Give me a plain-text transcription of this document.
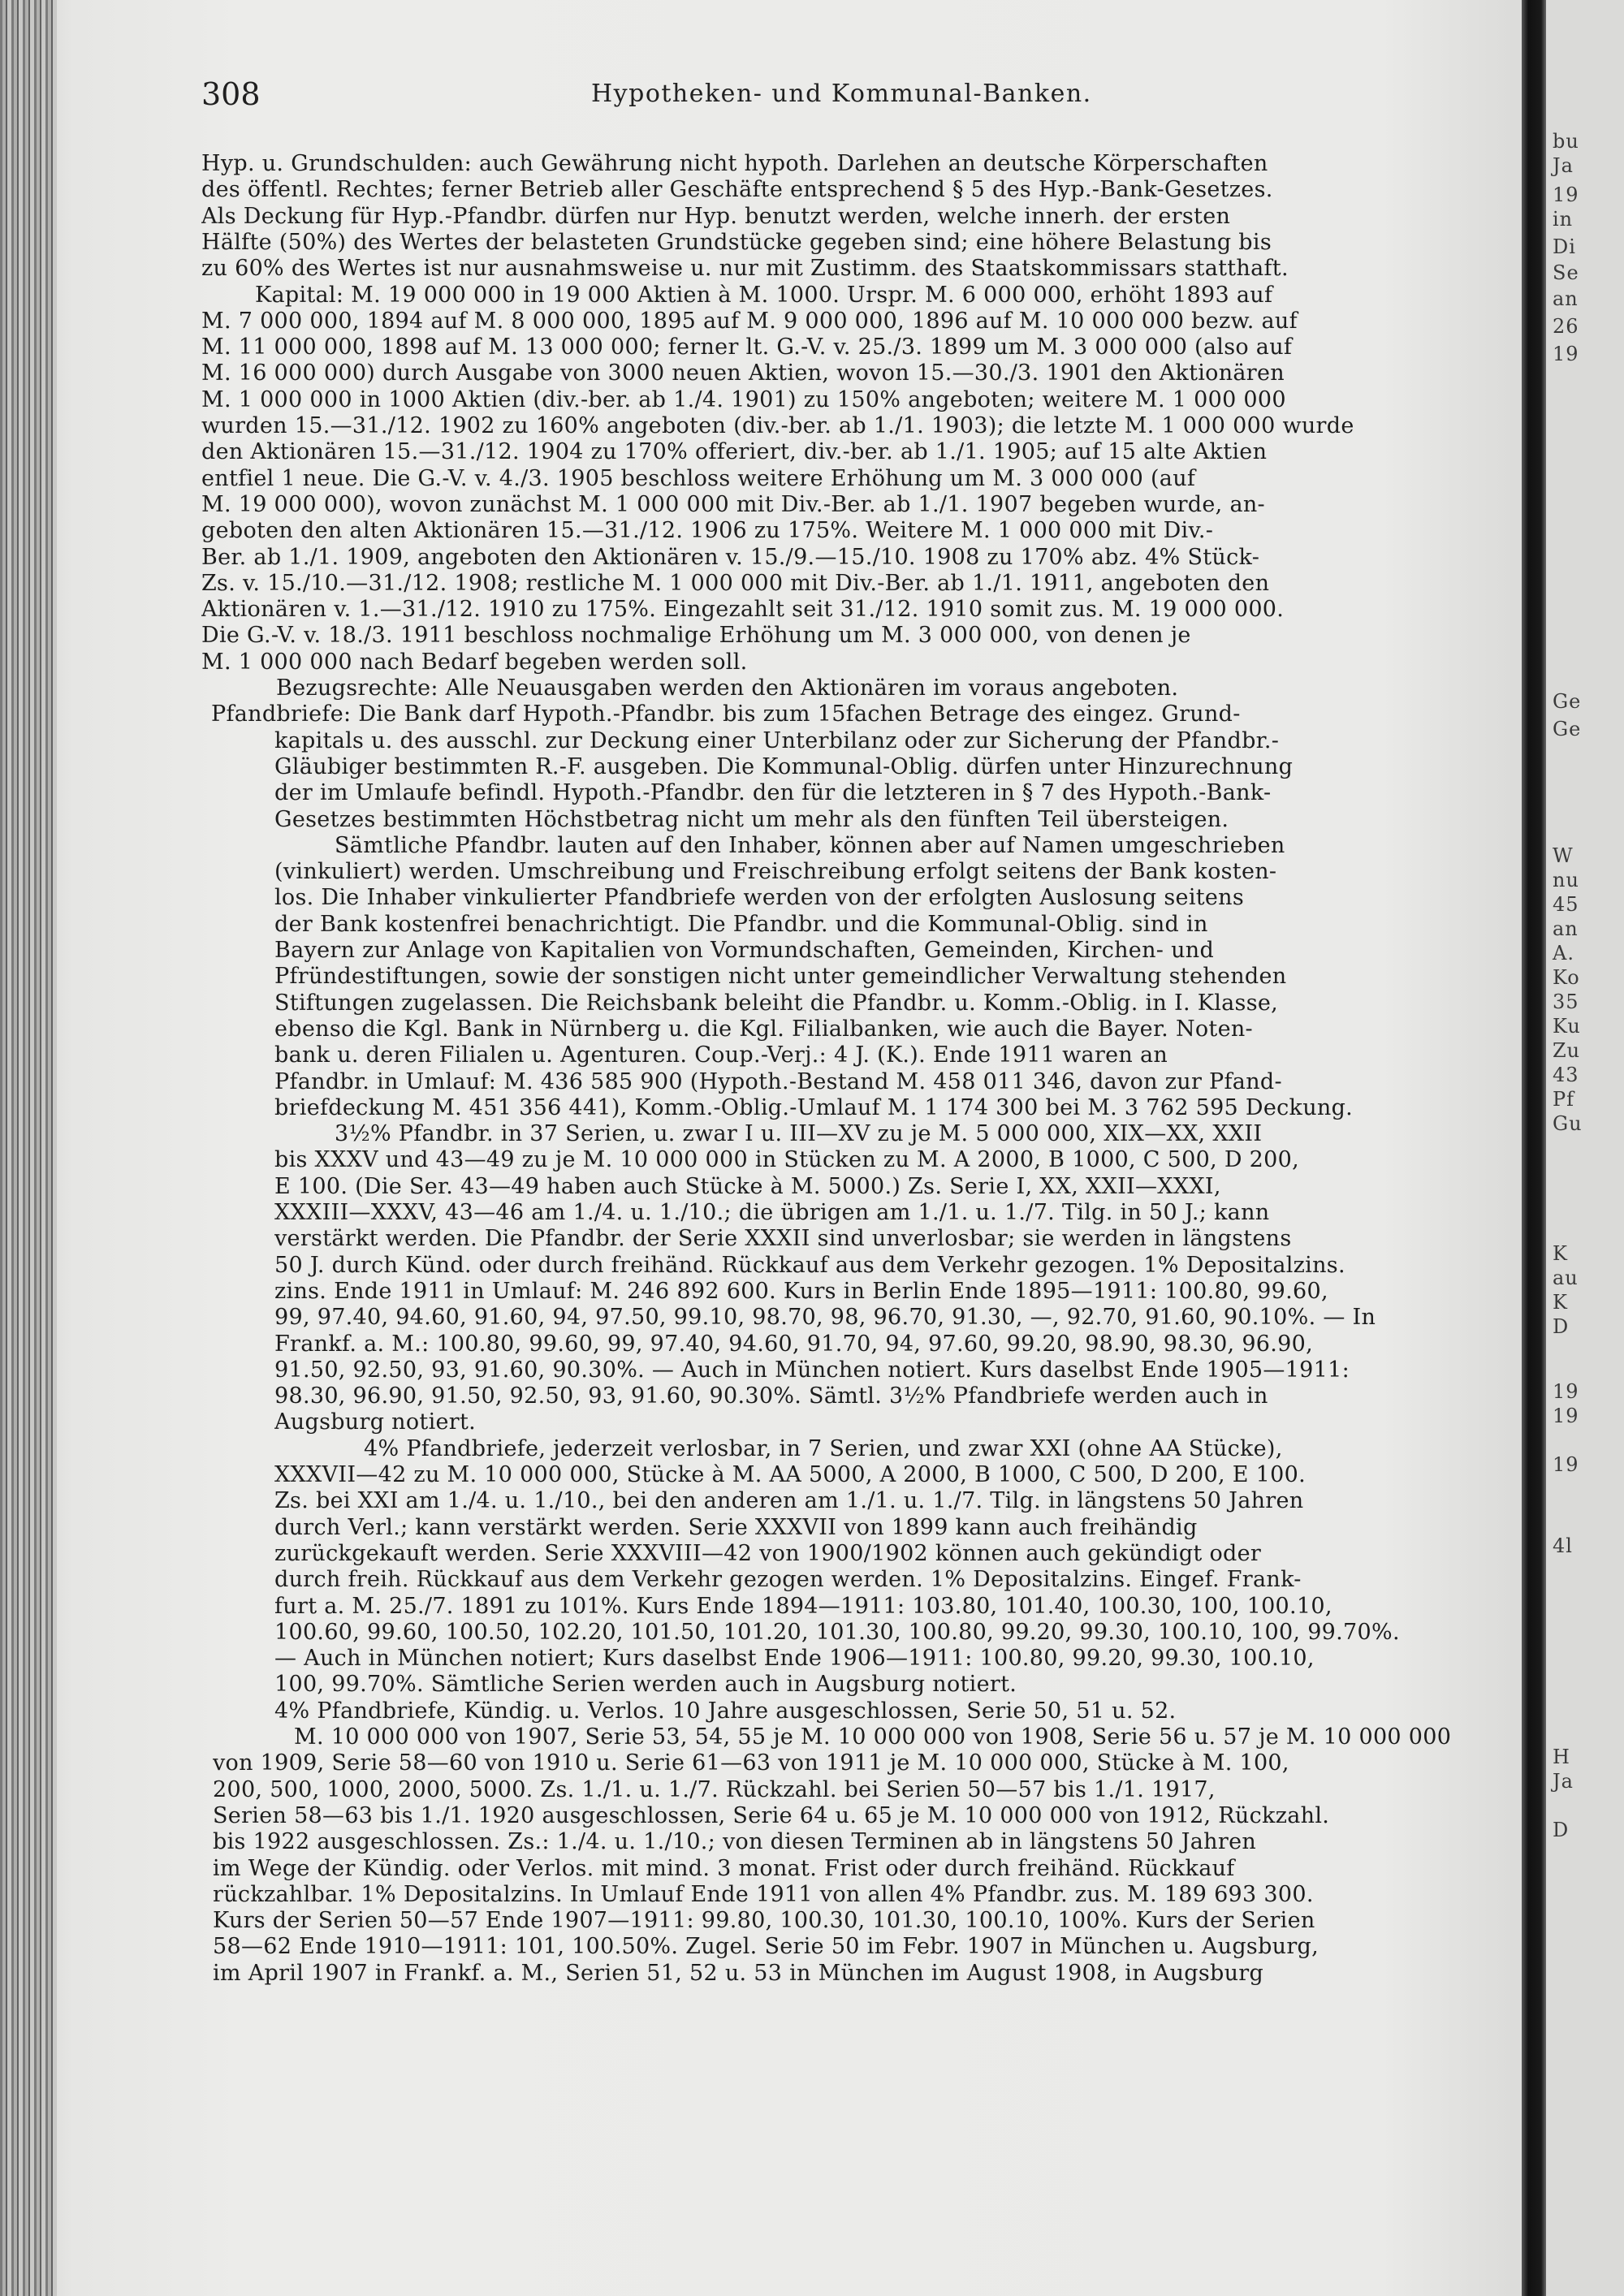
308	Hypotheken- und Kommunal-Banken.
Hyp. u. Grundschulden: auch Gewährung nicht hypoth. Darlehen an deutsche Körperschaften
des öffentl. Rechtes; ferner Betrieb aller Geschäfte entsprechend § 5 des Hyp.-Bank-Gesetzes.
Als Deckung für Hyp.-Pfandbr. dürfen nur Hyp. benutzt werden, welche innerh. der ersten
Hälfte (50%) des Wertes der belasteten Grundstücke gegeben sind; eine höhere Belastung bis
zu 60% des Wertes ist nur ausnahmsweise u. nur mit Zustimm. des Staatskommissars statthaft.
Kapital: M. 19 000 000 in 19 000 Aktien à M. 1000. Urspr. M. 6 000 000, erhöht 1893 auf
M. 7 000 000, 1894 auf M. 8 000 000, 1895 auf M. 9 000 000, 1896 auf M. 10 000 000 bezw. auf
M. 11 000 000, 1898 auf M. 13 000 000; ferner lt. G.-V. v. 25./3. 1899 um M. 3 000 000 (also auf
M. 16 000 000) durch Ausgabe von 3000 neuen Aktien, wovon 15.—30./3. 1901 den Aktionären
M. 1 000 000 in 1000 Aktien (div.-ber. ab 1./4. 1901) zu 150% angeboten; weitere M. 1 000 000
wurden 15.—31./12. 1902 zu 160% angeboten (div.-ber. ab 1./1. 1903); die letzte M. 1 000 000 wurde
den Aktionären 15.—31./12. 1904 zu 170% offeriert, div.-ber. ab 1./1. 1905; auf 15 alte Aktien
entfiel 1 neue. Die G.-V. v. 4./3. 1905 beschloss weitere Erhöhung um M. 3 000 000 (auf
M. 19 000 000), wovon zunächst M. 1 000 000 mit Div.-Ber. ab 1./1. 1907 begeben wurde, an-
geboten den alten Aktionären 15.—31./12. 1906 zu 175%. Weitere M. 1 000 000 mit Div.-
Ber. ab 1./1. 1909, angeboten den Aktionären v. 15./9.—15./10. 1908 zu 170% abz. 4% Stück-
Zs. v. 15./10.—31./12. 1908; restliche M. 1 000 000 mit Div.-Ber. ab 1./1. 1911, angeboten den
Aktionären v. 1.—31./12. 1910 zu 175%. Eingezahlt seit 31./12. 1910 somit zus. M. 19 000 000.
Die G.-V. v. 18./3. 1911 beschloss nochmalige Erhöhung um M. 3 000 000, von denen je
M. 1 000 000 nach Bedarf begeben werden soll.
Bezugsrechte: Alle Neuausgaben werden den Aktionären im voraus angeboten.
Pfandbriefe: Die Bank darf Hypoth.-Pfandbr. bis zum 15fachen Betrage des eingez. Grund-
kapitals u. des ausschl. zur Deckung einer Unterbilanz oder zur Sicherung der Pfandbr.-
Gläubiger bestimmten R.-F. ausgeben. Die Kommunal-Oblig. dürfen unter Hinzurechnung
der im Umlaufe befindl. Hypoth.-Pfandbr. den für die letzteren in § 7 des Hypoth.-Bank-
Gesetzes bestimmten Höchstbetrag nicht um mehr als den fünften Teil übersteigen.
Sämtliche Pfandbr. lauten auf den Inhaber, können aber auf Namen umgeschrieben
(vinkuliert) werden. Umschreibung und Freischreibung erfolgt seitens der Bank kosten-
los. Die Inhaber vinkulierter Pfandbriefe werden von der erfolgten Auslosung seitens
der Bank kostenfrei benachrichtigt. Die Pfandbr. und die Kommunal-Oblig. sind in
Bayern zur Anlage von Kapitalien von Vormundschaften, Gemeinden, Kirchen- und
Pfründestiftungen, sowie der sonstigen nicht unter gemeindlicher Verwaltung stehenden
Stiftungen zugelassen. Die Reichsbank beleiht die Pfandbr. u. Komm.-Oblig. in I. Klasse,
ebenso die Kgl. Bank in Nürnberg u. die Kgl. Filialbanken, wie auch die Bayer. Noten-
bank u. deren Filialen u. Agenturen. Coup.-Verj.: 4 J. (K.). Ende 1911 waren an
Pfandbr. in Umlauf: M. 436 585 900 (Hypoth.-Bestand M. 458 011 346, davon zur Pfand-
briefdeckung M. 451 356 441), Komm.-Oblig.-Umlauf M. 1 174 300 bei M. 3 762 595 Deckung.
3½% Pfandbr. in 37 Serien, u. zwar I u. III—XV zu je M. 5 000 000, XIX—XX, XXII
bis XXXV und 43—49 zu je M. 10 000 000 in Stücken zu M. A 2000, B 1000, C 500, D 200,
E 100. (Die Ser. 43—49 haben auch Stücke à M. 5000.) Zs. Serie I, XX, XXII—XXXI,
XXXIII—XXXV, 43—46 am 1./4. u. 1./10.; die übrigen am 1./1. u. 1./7. Tilg. in 50 J.; kann
verstärkt werden. Die Pfandbr. der Serie XXXII sind unverlosbar; sie werden in längstens
50 J. durch Künd. oder durch freihänd. Rückkauf aus dem Verkehr gezogen. 1% Depositalzins.
zins. Ende 1911 in Umlauf: M. 246 892 600. Kurs in Berlin Ende 1895—1911: 100.80, 99.60,
99, 97.40, 94.60, 91.60, 94, 97.50, 99.10, 98.70, 98, 96.70, 91.30, —, 92.70, 91.60, 90.10%. — In
Frankf. a. M.: 100.80, 99.60, 99, 97.40, 94.60, 91.70, 94, 97.60, 99.20, 98.90, 98.30, 96.90,
91.50, 92.50, 93, 91.60, 90.30%. — Auch in München notiert. Kurs daselbst Ende 1905—1911:
98.30, 96.90, 91.50, 92.50, 93, 91.60, 90.30%. Sämtl. 3½% Pfandbriefe werden auch in
Augsburg notiert.
4% Pfandbriefe, jederzeit verlosbar, in 7 Serien, und zwar XXI (ohne AA Stücke),
XXXVII—42 zu M. 10 000 000, Stücke à M. AA 5000, A 2000, B 1000, C 500, D 200, E 100.
Zs. bei XXI am 1./4. u. 1./10., bei den anderen am 1./1. u. 1./7. Tilg. in längstens 50 Jahren
durch Verl.; kann verstärkt werden. Serie XXXVII von 1899 kann auch freihändig
zurückgekauft werden. Serie XXXVIII—42 von 1900/1902 können auch gekündigt oder
durch freih. Rückkauf aus dem Verkehr gezogen werden. 1% Depositalzins. Eingef. Frank-
furt a. M. 25./7. 1891 zu 101%. Kurs Ende 1894—1911: 103.80, 101.40, 100.30, 100, 100.10,
100.60, 99.60, 100.50, 102.20, 101.50, 101.20, 101.30, 100.80, 99.20, 99.30, 100.10, 100, 99.70%.
— Auch in München notiert; Kurs daselbst Ende 1906—1911: 100.80, 99.20, 99.30, 100.10,
100, 99.70%. Sämtliche Serien werden auch in Augsburg notiert.
4% Pfandbriefe, Kündig. u. Verlos. 10 Jahre ausgeschlossen, Serie 50, 51 u. 52.
M. 10 000 000 von 1907, Serie 53, 54, 55 je M. 10 000 000 von 1908, Serie 56 u. 57 je M. 10 000 000
von 1909, Serie 58—60 von 1910 u. Serie 61—63 von 1911 je M. 10 000 000, Stücke à M. 100,
200, 500, 1000, 2000, 5000. Zs. 1./1. u. 1./7. Rückzahl. bei Serien 50—57 bis 1./1. 1917,
Serien 58—63 bis 1./1. 1920 ausgeschlossen, Serie 64 u. 65 je M. 10 000 000 von 1912, Rückzahl.
bis 1922 ausgeschlossen. Zs.: 1./4. u. 1./10.; von diesen Terminen ab in längstens 50 Jahren
im Wege der Kündig. oder Verlos. mit mind. 3 monat. Frist oder durch freihänd. Rückkauf
rückzahlbar. 1% Depositalzins. In Umlauf Ende 1911 von allen 4% Pfandbr. zus. M. 189 693 300.
Kurs der Serien 50—57 Ende 1907—1911: 99.80, 100.30, 101.30, 100.10, 100%. Kurs der Serien
58—62 Ende 1910—1911: 101, 100.50%. Zugel. Serie 50 im Febr. 1907 in München u. Augsburg,
im April 1907 in Frankf. a. M., Serien 51, 52 u. 53 in München im August 1908, in Augsburg
bu
Ja
19
in
Di
Se
an
26
19
Ge
Ge
W
nu
45
an
A.
Ko
35
Ku
Zu
43
Pf
Gu
K
au
K
D
19
19
19
4l
H
Ja
D
